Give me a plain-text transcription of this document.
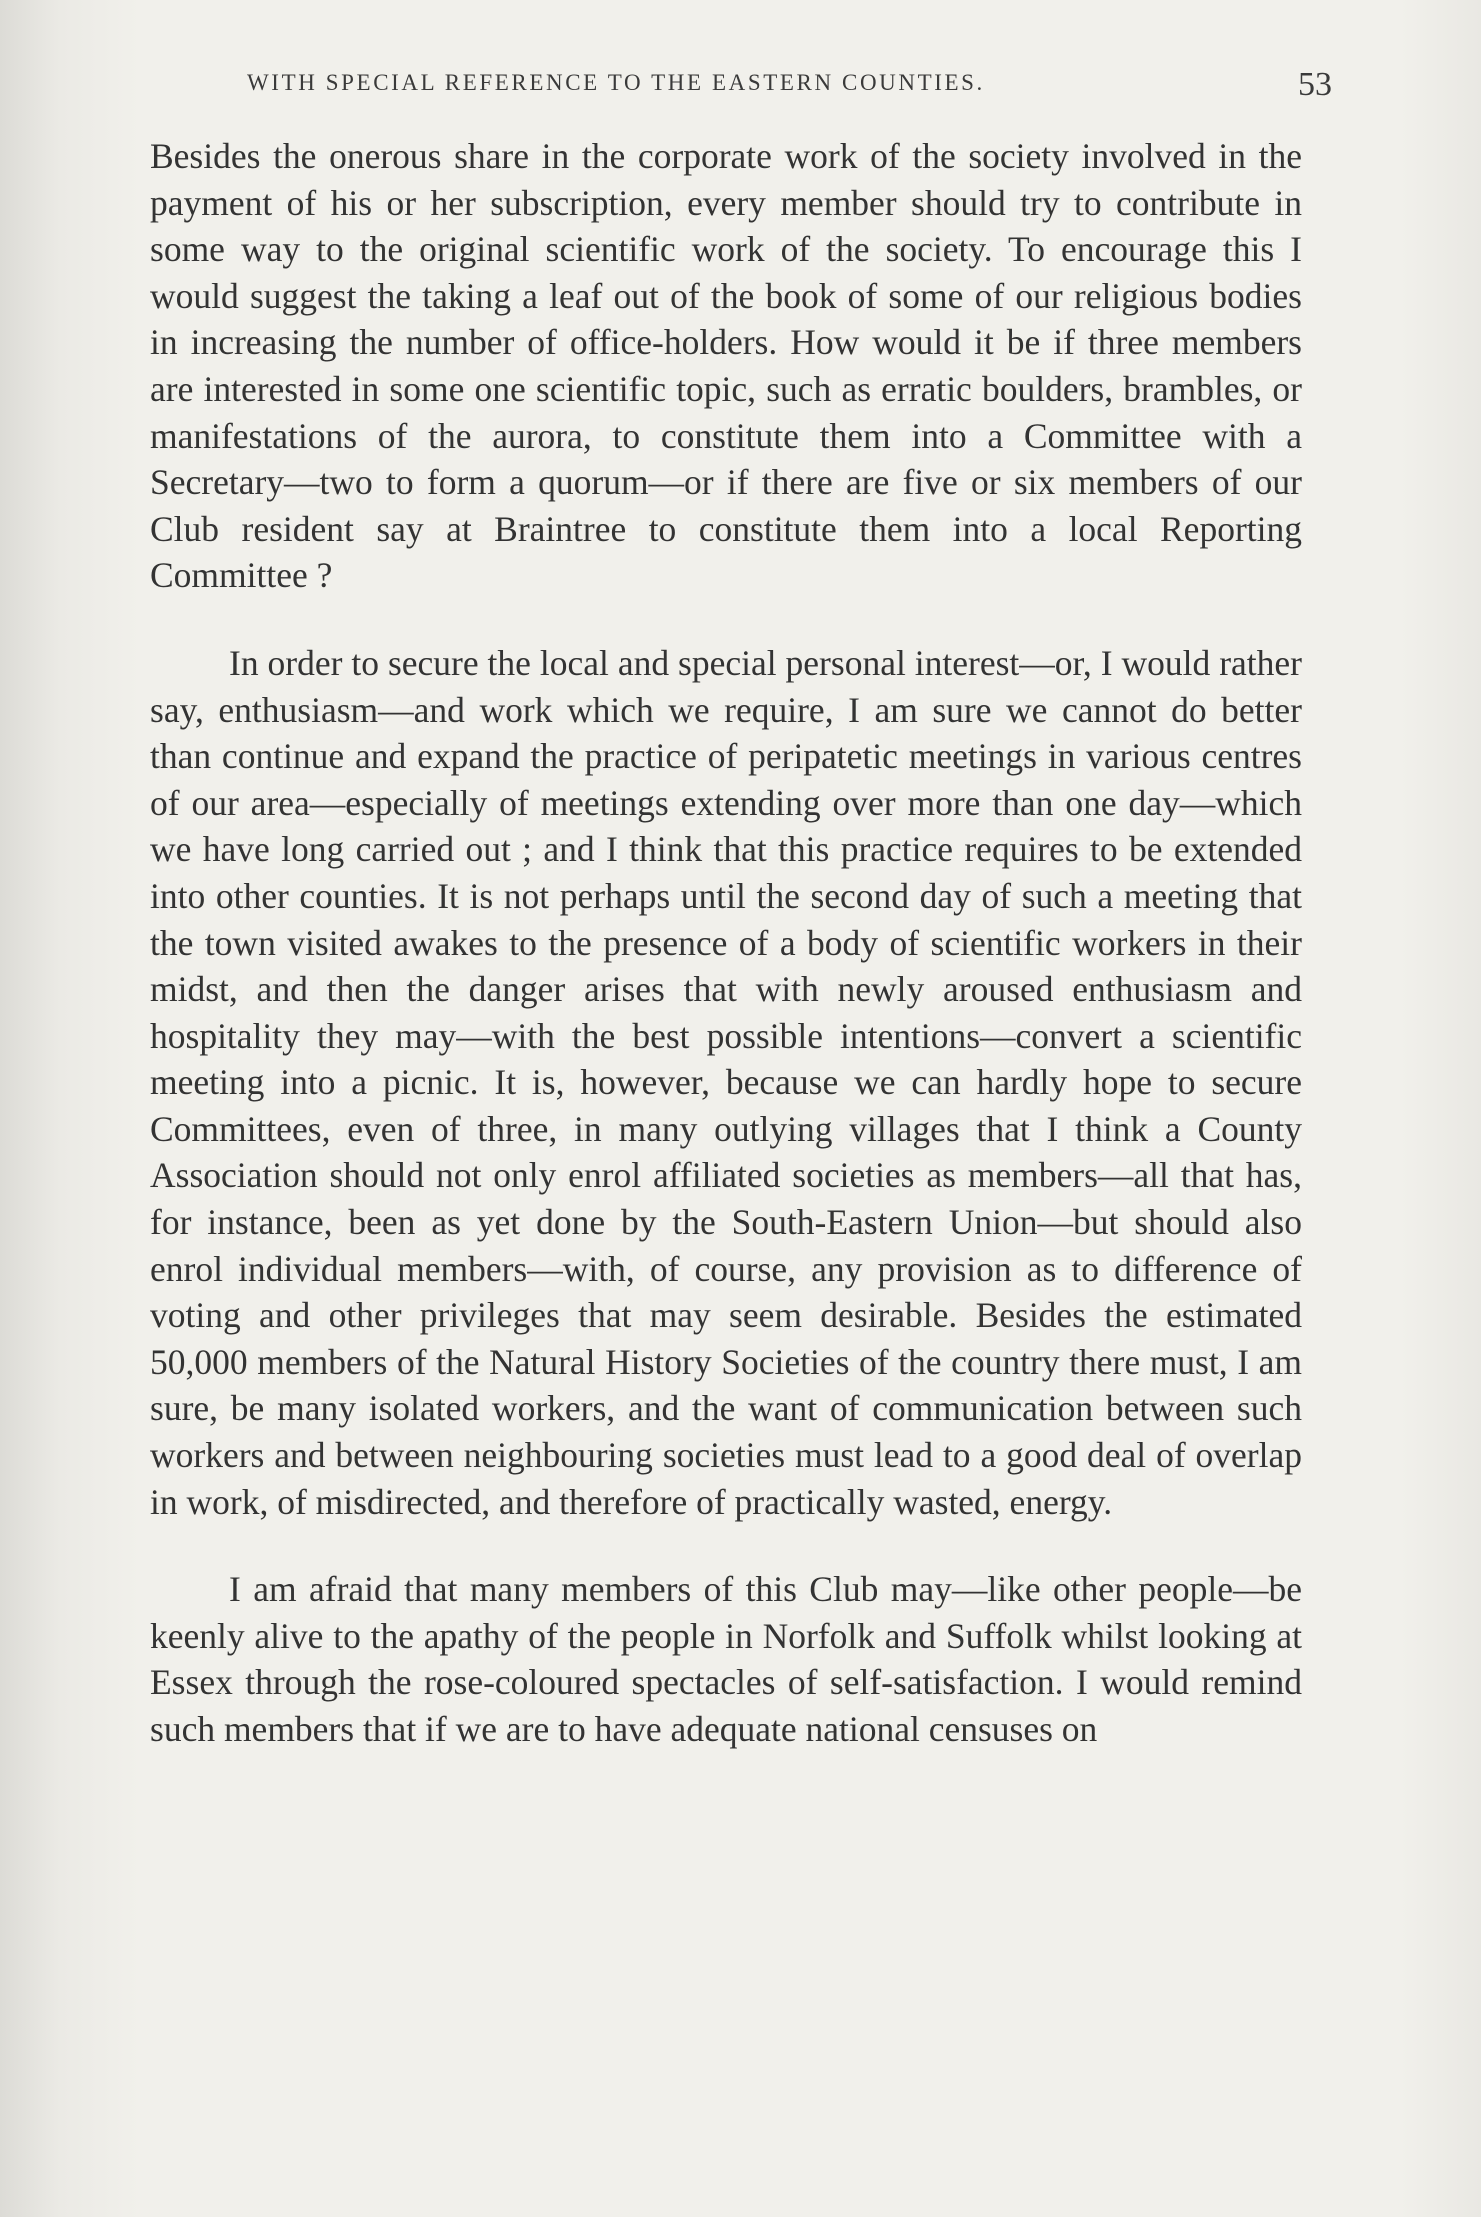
WITH SPECIAL REFERENCE TO THE EASTERN COUNTIES.	53

Besides the onerous share in the corporate work of the society involved in the payment of his or her subscription, every member should try to contribute in some way to the original scientific work of the society. To encourage this I would suggest the taking a leaf out of the book of some of our religious bodies in increasing the number of office-holders. How would it be if three members are interested in some one scientific topic, such as erratic boulders, brambles, or manifestations of the aurora, to constitute them into a Committee with a Secretary—two to form a quorum—or if there are five or six members of our Club resident say at Braintree to constitute them into a local Reporting Committee ?

In order to secure the local and special personal interest—or, I would rather say, enthusiasm—and work which we require, I am sure we cannot do better than continue and expand the practice of peripatetic meetings in various centres of our area—especially of meetings extending over more than one day—which we have long carried out ; and I think that this practice requires to be extended into other counties. It is not perhaps until the second day of such a meeting that the town visited awakes to the presence of a body of scientific workers in their midst, and then the danger arises that with newly aroused enthusiasm and hospitality they may—with the best possible intentions—convert a scientific meeting into a picnic. It is, however, because we can hardly hope to secure Committees, even of three, in many outlying villages that I think a County Association should not only enrol affiliated societies as members—all that has, for instance, been as yet done by the South-Eastern Union—but should also enrol individual members—with, of course, any provision as to difference of voting and other privileges that may seem desirable. Besides the estimated 50,000 members of the Natural History Societies of the country there must, I am sure, be many isolated workers, and the want of communication between such workers and between neighbouring societies must lead to a good deal of overlap in work, of misdirected, and therefore of practically wasted, energy.

I am afraid that many members of this Club may—like other people—be keenly alive to the apathy of the people in Norfolk and Suffolk whilst looking at Essex through the rose-coloured spectacles of self-satisfaction. I would remind such members that if we are to have adequate national censuses on
